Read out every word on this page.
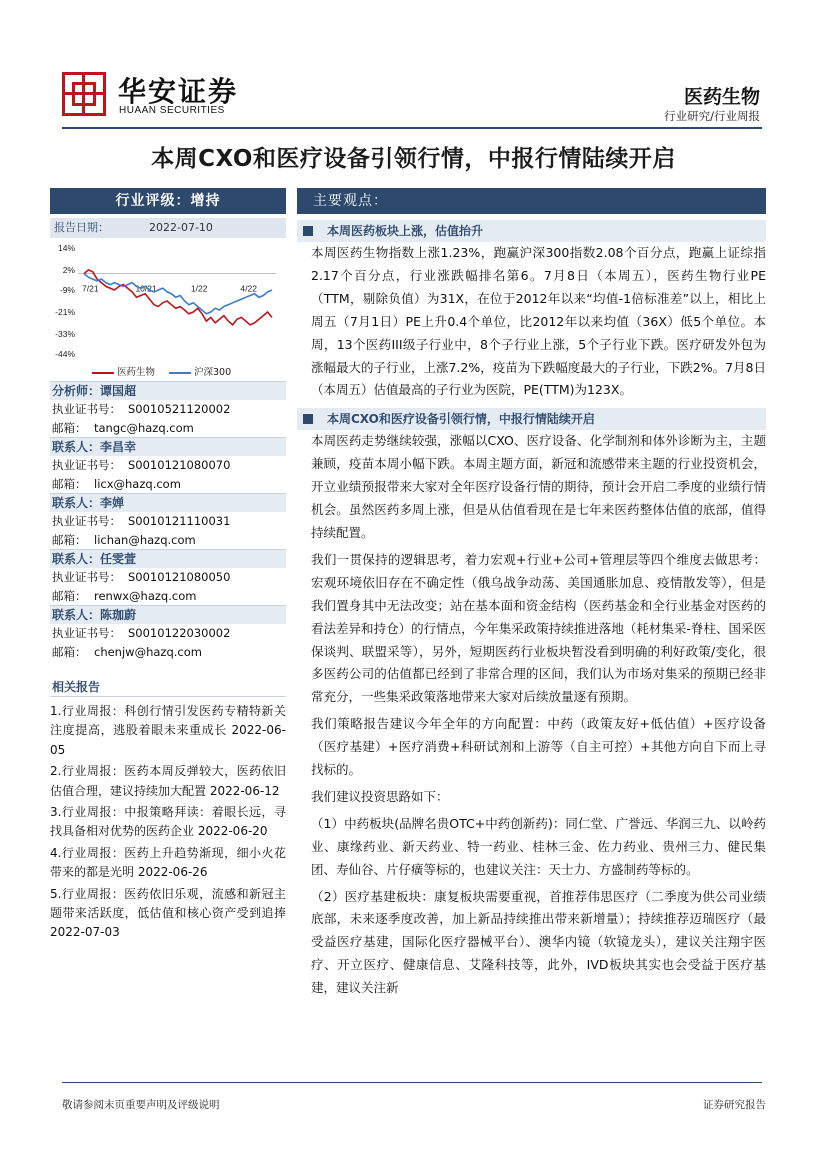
华安证券
HUAAN SECURITIES
医药生物
行业研究/行业周报
本周CXO和医疗设备引领行情，中报行情陆续开启
行业评级：增持
报告日期：	2022-07-10
14%
2%
-9%
-21%
-33%
-44%
7/21	10/21	1/22	4/22
医药生物	沪深300
分析师：谭国超
执业证书号： S0010521120002
邮箱： tangc@hazq.com
联系人：李昌幸
执业证书号： S0010121080070
邮箱： licx@hazq.com
联系人：李婵
执业证书号： S0010121110031
邮箱： lichan@hazq.com
联系人：任雯萱
执业证书号： S0010121080050
邮箱： renwx@hazq.com
联系人：陈珈蔚
执业证书号： S0010122030002
邮箱： chenjw@hazq.com
相关报告

1.行业周报：科创行情引发医药专精特新关注度提高，逃股着眼未来重成长 2022-06-05

2.行业周报：医药本周反弹较大，医药依旧估值合理，建议持续加大配置 2022-06-12

3.行业周报：中报策略拜读：着眼长远，寻找具备相对优势的医药企业 2022-06-20

4.行业周报：医药上升趋势渐现，细小火花带来的都是光明 2022-06-26

5.行业周报：医药依旧乐观，流感和新冠主题带来活跃度，低估值和核心资产受到追捧 2022-07-03

主要观点：
本周医药板块上涨，估值抬升

本周医药生物指数上涨1.23%，跑赢沪深300指数2.08个百分点，跑赢上证综指2.17个百分点，行业涨跌幅排名第6。7月8日（本周五），医药生物行业PE（TTM，剔除负值）为31X，在位于2012年以来“均值-1倍标准差”以上，相比上周五（7月1日）PE上升0.4个单位，比2012年以来均值（36X）低5个单位。本周，13个医药III级子行业中，8个子行业上涨，5个子行业下跌。医疗研发外包为涨幅最大的子行业，上涨7.2%，疫苗为下跌幅度最大的子行业，下跌2%。7月8日（本周五）估值最高的子行业为医院，PE(TTM)为123X。

本周CXO和医疗设备引领行情，中报行情陆续开启

本周医药走势继续较强，涨幅以CXO、医疗设备、化学制剂和体外诊断为主，主题兼顾，疫苗本周小幅下跌。本周主题方面，新冠和流感带来主题的行业投资机会，开立业绩预报带来大家对全年医疗设备行情的期待，预计会开启二季度的业绩行情机会。虽然医药多周上涨，但是从估值看现在是七年来医药整体估值的底部，值得持续配置。

我们一贯保持的逻辑思考，着力宏观+行业+公司+管理层等四个维度去做思考：宏观环境依旧存在不确定性（俄乌战争动荡、美国通胀加息、疫情散发等），但是我们置身其中无法改变；站在基本面和资金结构（医药基金和全行业基金对医药的看法差异和持仓）的行情点，今年集采政策持续推进落地（耗材集采-脊柱、国采医保谈判、联盟采等），另外，短期医药行业板块暂没看到明确的利好政策/变化，很多医药公司的估值都已经到了非常合理的区间，我们认为市场对集采的预期已经非常充分，一些集采政策落地带来大家对后续放量逐有预期。

我们策略报告建议今年全年的方向配置：中药（政策友好+低估值）+医疗设备（医疗基建）+医疗消费+科研试剂和上游等（自主可控）+其他方向自下而上寻找标的。

我们建议投资思路如下：

（1）中药板块(品牌名贵OTC+中药创新药)：同仁堂、广誉远、华润三九、以岭药业、康缘药业、新天药业、特一药业、桂林三金、佐力药业、贵州三力、健民集团、寿仙谷、片仔癀等标的，也建议关注：天士力、方盛制药等标的。

（2）医疗基建板块：康复板块需要重视，首推荐伟思医疗（二季度为供公司业绩底部，未来逐季度改善，加上新品持续推出带来新增量）；持续推荐迈瑞医疗（最受益医疗基建，国际化医疗器械平台）、澳华内镜（软镜龙头），建议关注翔宇医疗、开立医疗、健康信息、艾隆科技等，此外，IVD板块其实也会受益于医疗基建，建议关注新

敬请参阅末页重要声明及评级说明	证券研究报告
